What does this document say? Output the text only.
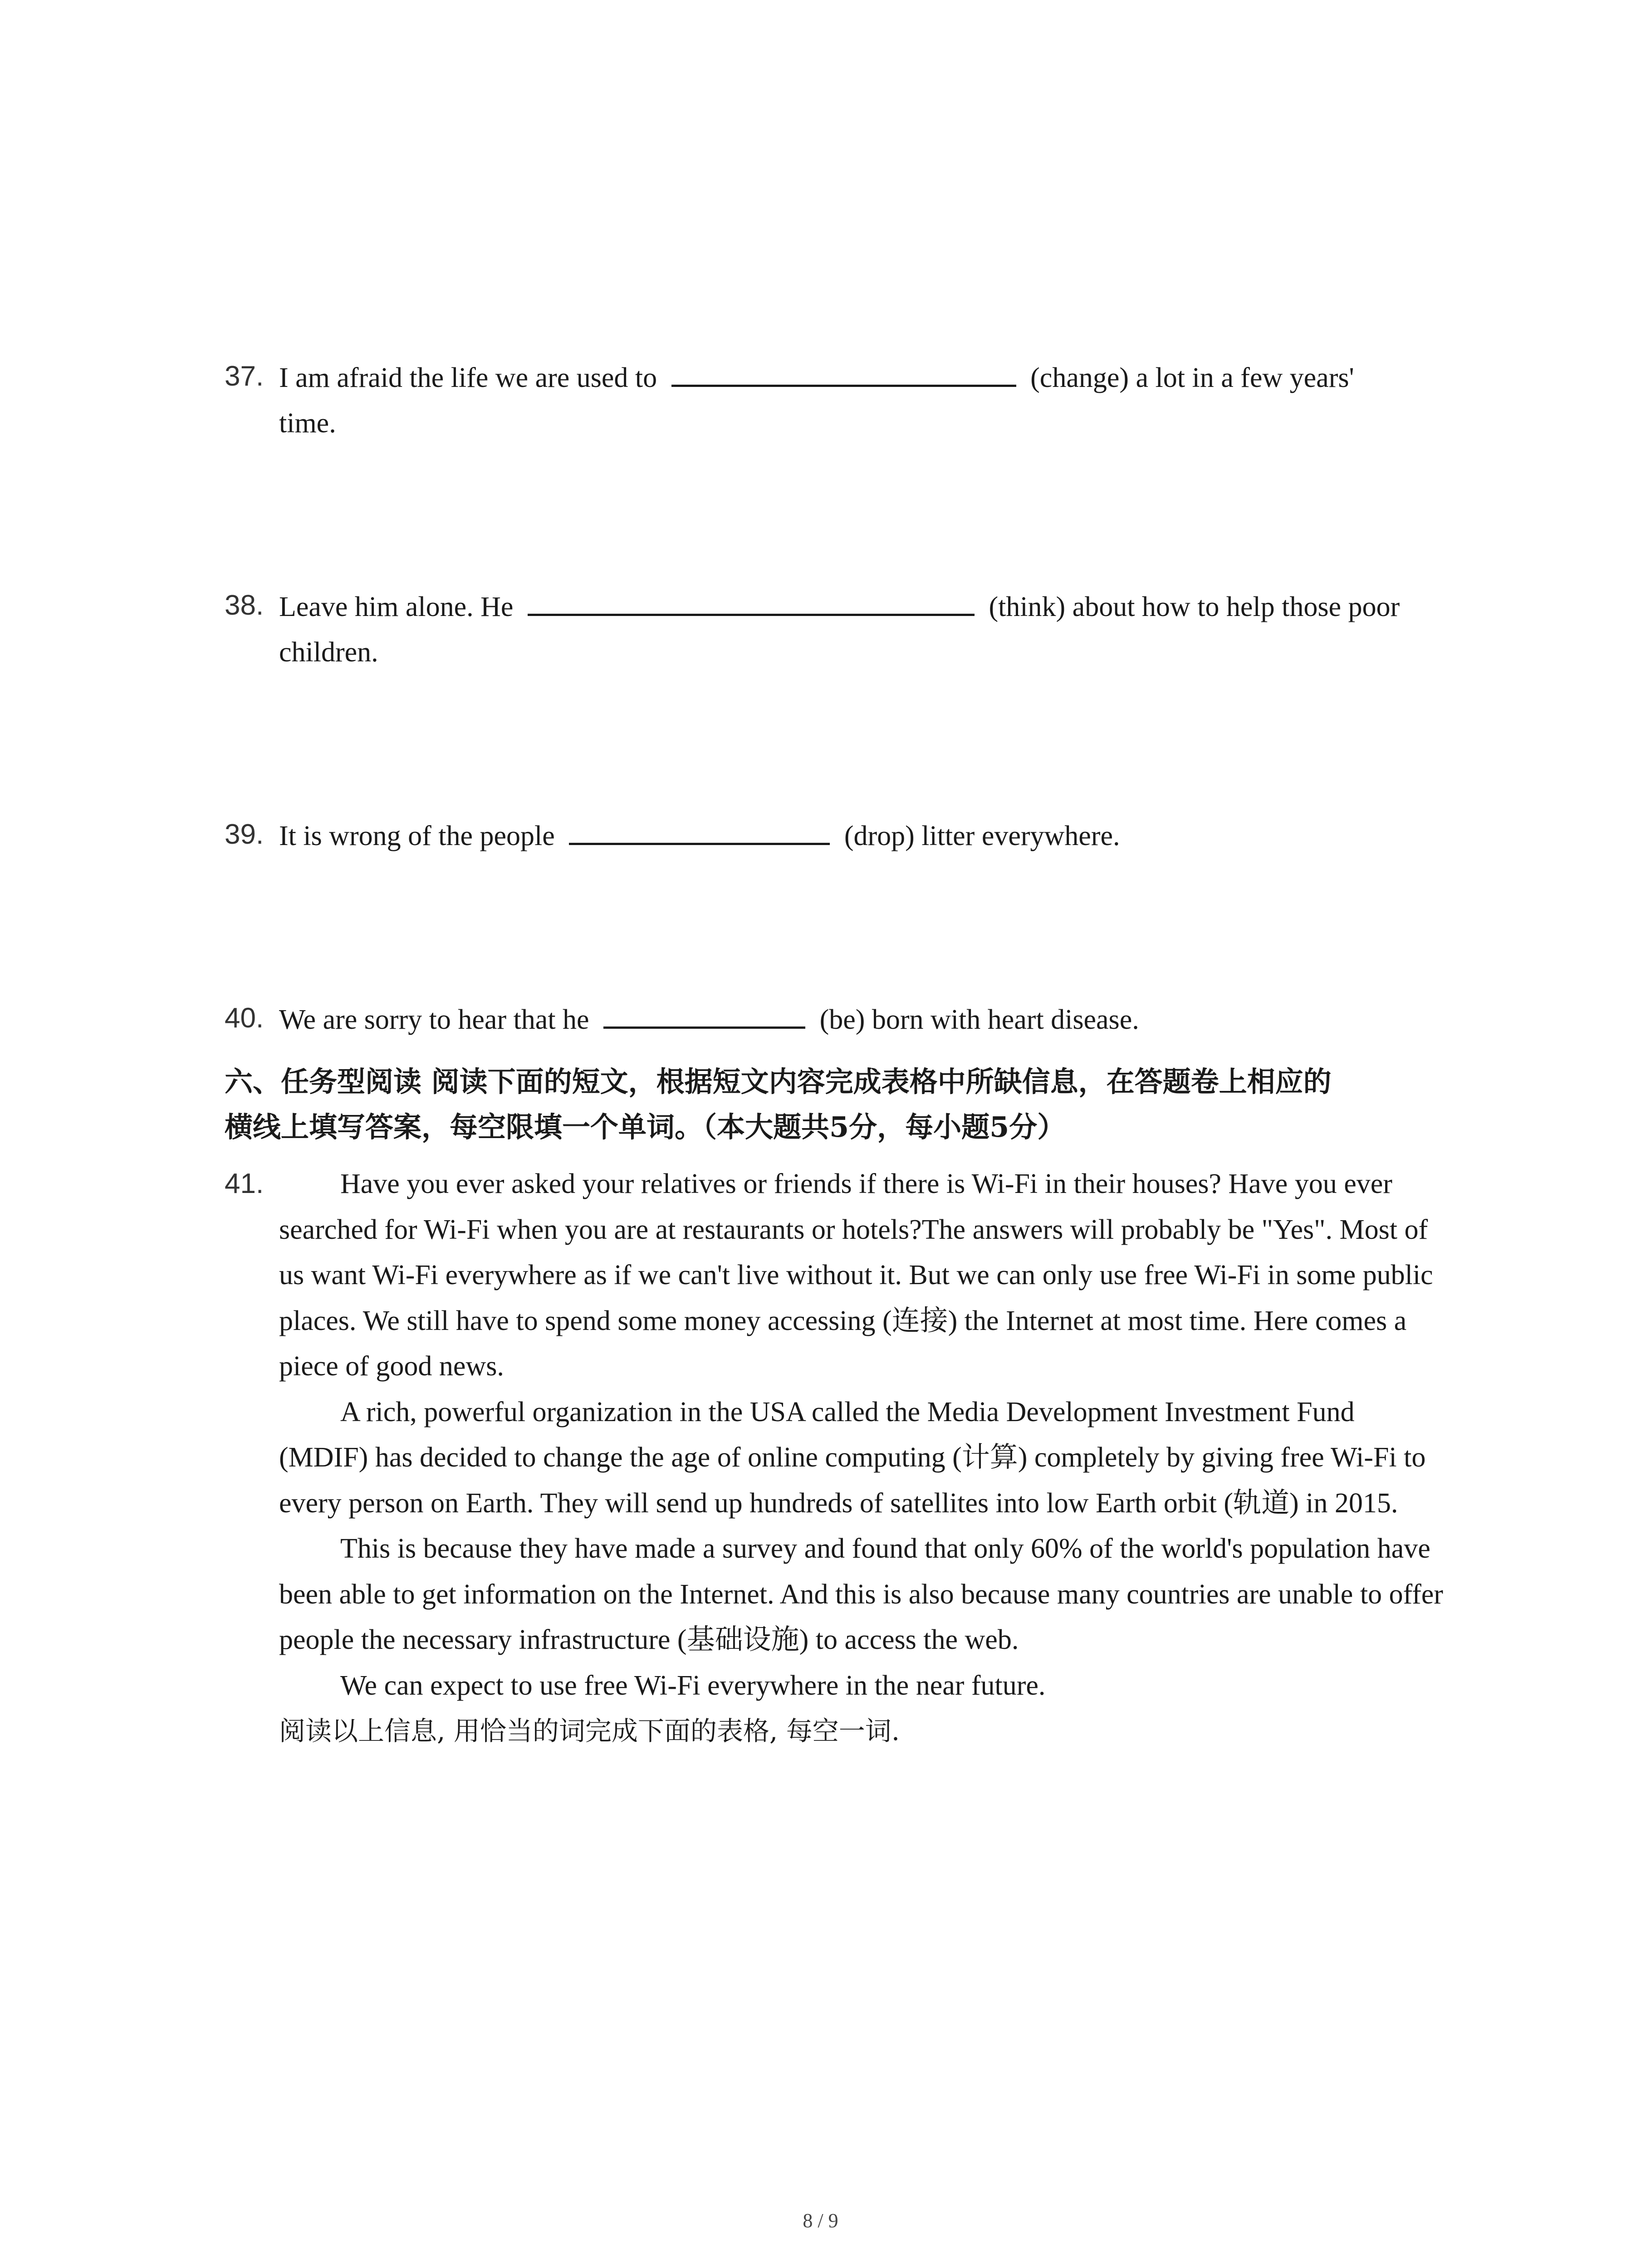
37. I am afraid the life we are used to	(change) a lot in a few years'
time.
38. Leave him alone. He	(think) about how to help those poor
children.
39. It is wrong of the people	(drop) litter everywhere.
40. We are sorry to hear that he	(be) born with heart disease.
六、任务型阅读 阅读下面的短文，根据短文内容完成表格中所缺信息，在答题卷上相应的
横线上填写答案，每空限填一个单词。（本大题共5分，每小题5分）
41.	Have you ever asked your relatives or friends if there is Wi-Fi in their houses? Have you ever searched for Wi-Fi when you are at restaurants or hotels?The answers will probably be "Yes". Most of us want Wi-Fi everywhere as if we can't live without it. But we can only use free Wi-Fi in some public places. We still have to spend some money accessing (连接) the Internet at most time. Here comes a piece of good news.

A rich, powerful organization in the USA called the Media Development Investment Fund (MDIF) has decided to change the age of online computing (计算) completely by giving free Wi-Fi to every person on Earth. They will send up hundreds of satellites into low Earth orbit (轨道) in 2015.

This is because they have made a survey and found that only 60% of the world's population have been able to get information on the Internet. And this is also because many countries are unable to offer people the necessary infrastructure (基础设施) to access the web.

We can expect to use free Wi-Fi everywhere in the near future.

阅读以上信息, 用恰当的词完成下面的表格, 每空一词.

8 / 9
